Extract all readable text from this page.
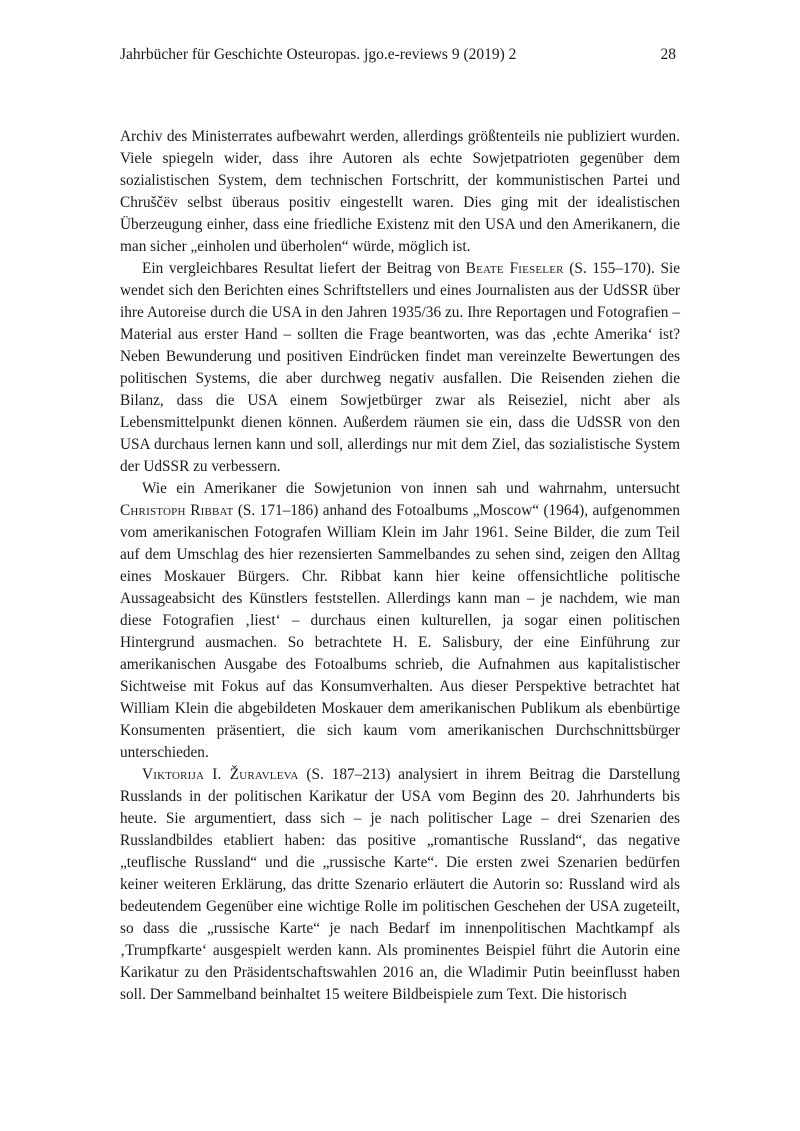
Jahrbücher für Geschichte Osteuropas. jgo.e-reviews 9 (2019) 2	28

Archiv des Ministerrates aufbewahrt werden, allerdings größtenteils nie publiziert wurden. Viele spiegeln wider, dass ihre Autoren als echte Sowjetpatrioten gegenüber dem sozialistischen System, dem technischen Fortschritt, der kommunistischen Partei und Chruščëv selbst überaus positiv eingestellt waren. Dies ging mit der idealistischen Überzeugung einher, dass eine friedliche Existenz mit den USA und den Amerikanern, die man sicher „einholen und überholen“ würde, möglich ist.

Ein vergleichbares Resultat liefert der Beitrag von Beate Fieseler (S. 155–170). Sie wendet sich den Berichten eines Schriftstellers und eines Journalisten aus der UdSSR über ihre Autoreise durch die USA in den Jahren 1935/36 zu. Ihre Reportagen und Fotografien – Material aus erster Hand – sollten die Frage beantworten, was das ‚echte Amerika‘ ist? Neben Bewunderung und positiven Eindrücken findet man vereinzelte Bewertungen des politischen Systems, die aber durchweg negativ ausfallen. Die Reisenden ziehen die Bilanz, dass die USA einem Sowjetbürger zwar als Reiseziel, nicht aber als Lebensmittelpunkt dienen können. Außerdem räumen sie ein, dass die UdSSR von den USA durchaus lernen kann und soll, allerdings nur mit dem Ziel, das sozialistische System der UdSSR zu verbessern.

Wie ein Amerikaner die Sowjetunion von innen sah und wahrnahm, untersucht Christoph Ribbat (S. 171–186) anhand des Fotoalbums „Moscow“ (1964), aufgenommen vom amerikanischen Fotografen William Klein im Jahr 1961. Seine Bilder, die zum Teil auf dem Umschlag des hier rezensierten Sammelbandes zu sehen sind, zeigen den Alltag eines Moskauer Bürgers. Chr. Ribbat kann hier keine offensichtliche politische Aussageabsicht des Künstlers feststellen. Allerdings kann man – je nachdem, wie man diese Fotografien ‚liest‘ – durchaus einen kulturellen, ja sogar einen politischen Hintergrund ausmachen. So betrachtete H. E. Salisbury, der eine Einführung zur amerikanischen Ausgabe des Fotoalbums schrieb, die Aufnahmen aus kapitalistischer Sichtweise mit Fokus auf das Konsumverhalten. Aus dieser Perspektive betrachtet hat William Klein die abgebildeten Moskauer dem amerikanischen Publikum als ebenbürtige Konsumenten präsentiert, die sich kaum vom amerikanischen Durchschnittsbürger unterschieden.

Viktorija I. Žuravleva (S. 187–213) analysiert in ihrem Beitrag die Darstellung Russlands in der politischen Karikatur der USA vom Beginn des 20. Jahrhunderts bis heute. Sie argumentiert, dass sich – je nach politischer Lage – drei Szenarien des Russlandbildes etabliert haben: das positive „romantische Russland“, das negative „teuflische Russland“ und die „russische Karte“. Die ersten zwei Szenarien bedürfen keiner weiteren Erklärung, das dritte Szenario erläutert die Autorin so: Russland wird als bedeutendem Gegenüber eine wichtige Rolle im politischen Geschehen der USA zugeteilt, so dass die „russische Karte“ je nach Bedarf im innenpolitischen Machtkampf als ‚Trumpfkarte‘ ausgespielt werden kann. Als prominentes Beispiel führt die Autorin eine Karikatur zu den Präsidentschaftswahlen 2016 an, die Wladimir Putin beeinflusst haben soll. Der Sammelband beinhaltet 15 weitere Bildbeispiele zum Text. Die historisch
